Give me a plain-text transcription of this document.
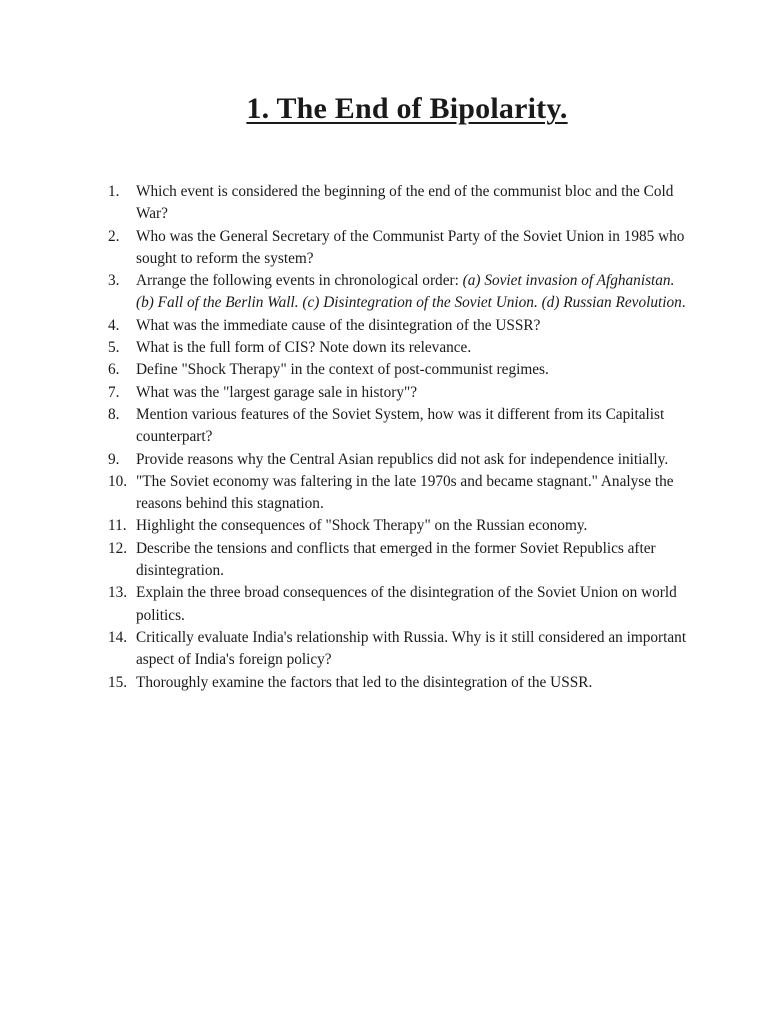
1. The End of Bipolarity.
1.	Which event is considered the beginning of the end of the communist bloc and the Cold War?
2.	Who was the General Secretary of the Communist Party of the Soviet Union in 1985 who sought to reform the system?
3.	Arrange the following events in chronological order: (a) Soviet invasion of Afghanistan. (b) Fall of the Berlin Wall. (c) Disintegration of the Soviet Union. (d) Russian Revolution.
4.	What was the immediate cause of the disintegration of the USSR?
5.	What is the full form of CIS? Note down its relevance.
6.	Define "Shock Therapy" in the context of post-communist regimes.
7.	What was the "largest garage sale in history"?
8.	Mention various features of the Soviet System, how was it different from its Capitalist counterpart?
9.	Provide reasons why the Central Asian republics did not ask for independence initially.
10. "The Soviet economy was faltering in the late 1970s and became stagnant." Analyse the reasons behind this stagnation.
11. Highlight the consequences of "Shock Therapy" on the Russian economy.
12. Describe the tensions and conflicts that emerged in the former Soviet Republics after disintegration.
13. Explain the three broad consequences of the disintegration of the Soviet Union on world politics.
14. Critically evaluate India's relationship with Russia. Why is it still considered an important aspect of India's foreign policy?
15. Thoroughly examine the factors that led to the disintegration of the USSR.
